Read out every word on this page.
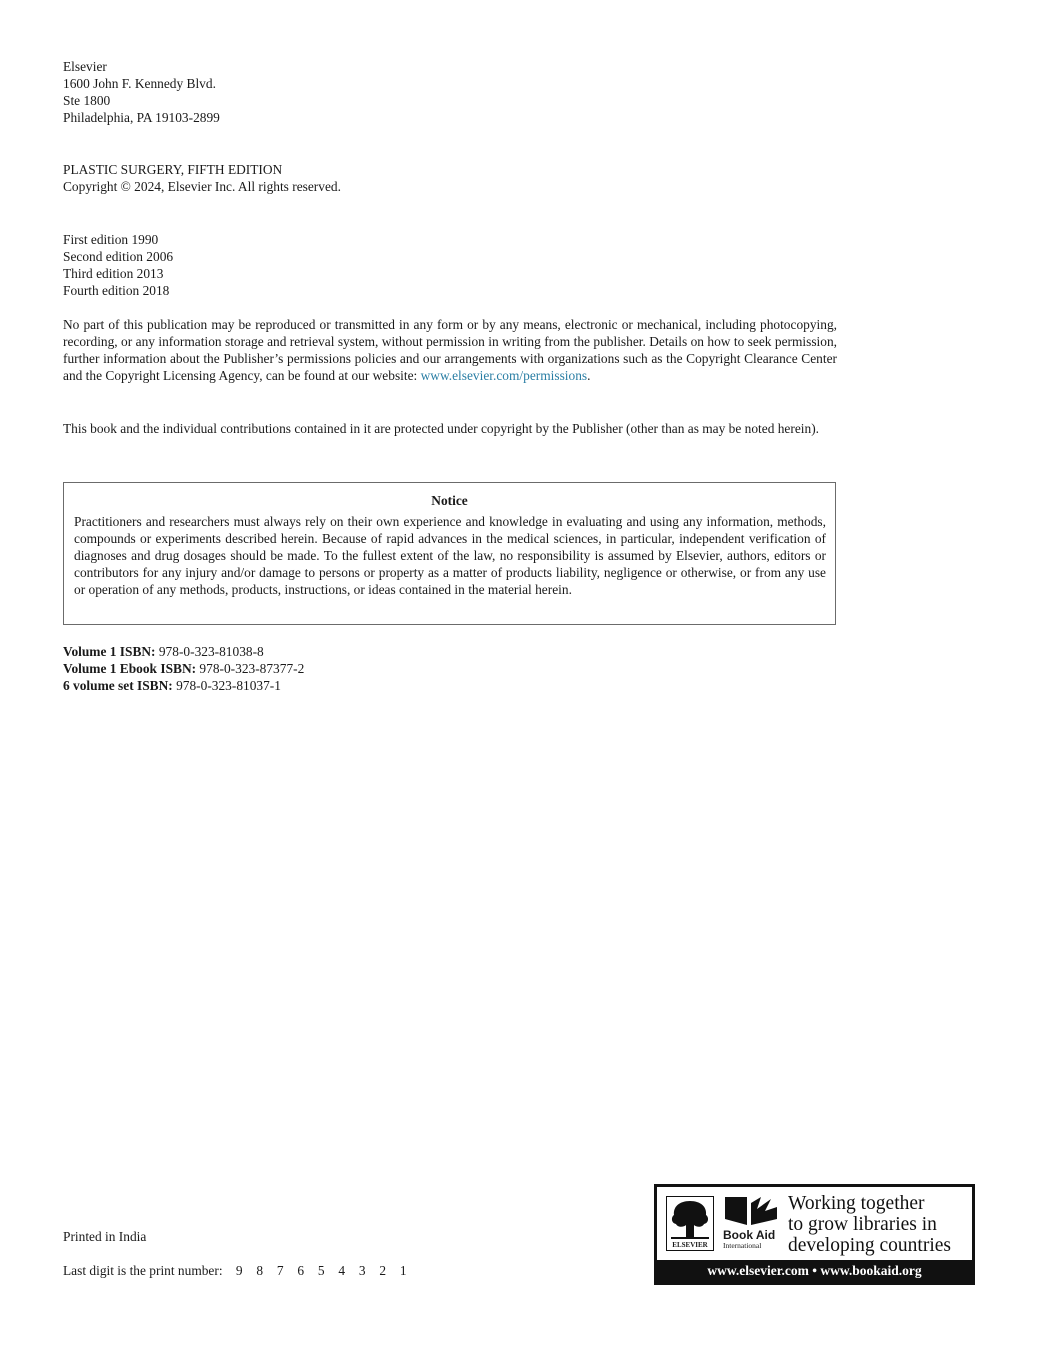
Elsevier
1600 John F. Kennedy Blvd.
Ste 1800
Philadelphia, PA 19103-2899
PLASTIC SURGERY, FIFTH EDITION
Copyright © 2024, Elsevier Inc. All rights reserved.
First edition 1990
Second edition 2006
Third edition 2013
Fourth edition 2018
No part of this publication may be reproduced or transmitted in any form or by any means, electronic or mechanical, including photocopying, recording, or any information storage and retrieval system, without permission in writing from the publisher. Details on how to seek permission, further information about the Publisher’s permissions policies and our arrangements with organizations such as the Copyright Clearance Center and the Copyright Licensing Agency, can be found at our website: www.elsevier.com/permissions.
This book and the individual contributions contained in it are protected under copyright by the Publisher (other than as may be noted herein).
Notice
Practitioners and researchers must always rely on their own experience and knowledge in evaluating and using any information, methods, compounds or experiments described herein. Because of rapid advances in the medical sciences, in particular, independent verification of diagnoses and drug dosages should be made. To the fullest extent of the law, no responsibility is assumed by Elsevier, authors, editors or contributors for any injury and/or damage to persons or property as a matter of products liability, negligence or otherwise, or from any use or operation of any methods, products, instructions, or ideas contained in the material herein.
Volume 1 ISBN: 978-0-323-81038-8
Volume 1 Ebook ISBN: 978-0-323-87377-2
6 volume set ISBN: 978-0-323-81037-1
Printed in India
Last digit is the print number: 9 8 7 6 5 4 3 2 1
ELSEVIER
Book Aid
International
Working together
to grow libraries in
developing countries
www.elsevier.com • www.bookaid.org
